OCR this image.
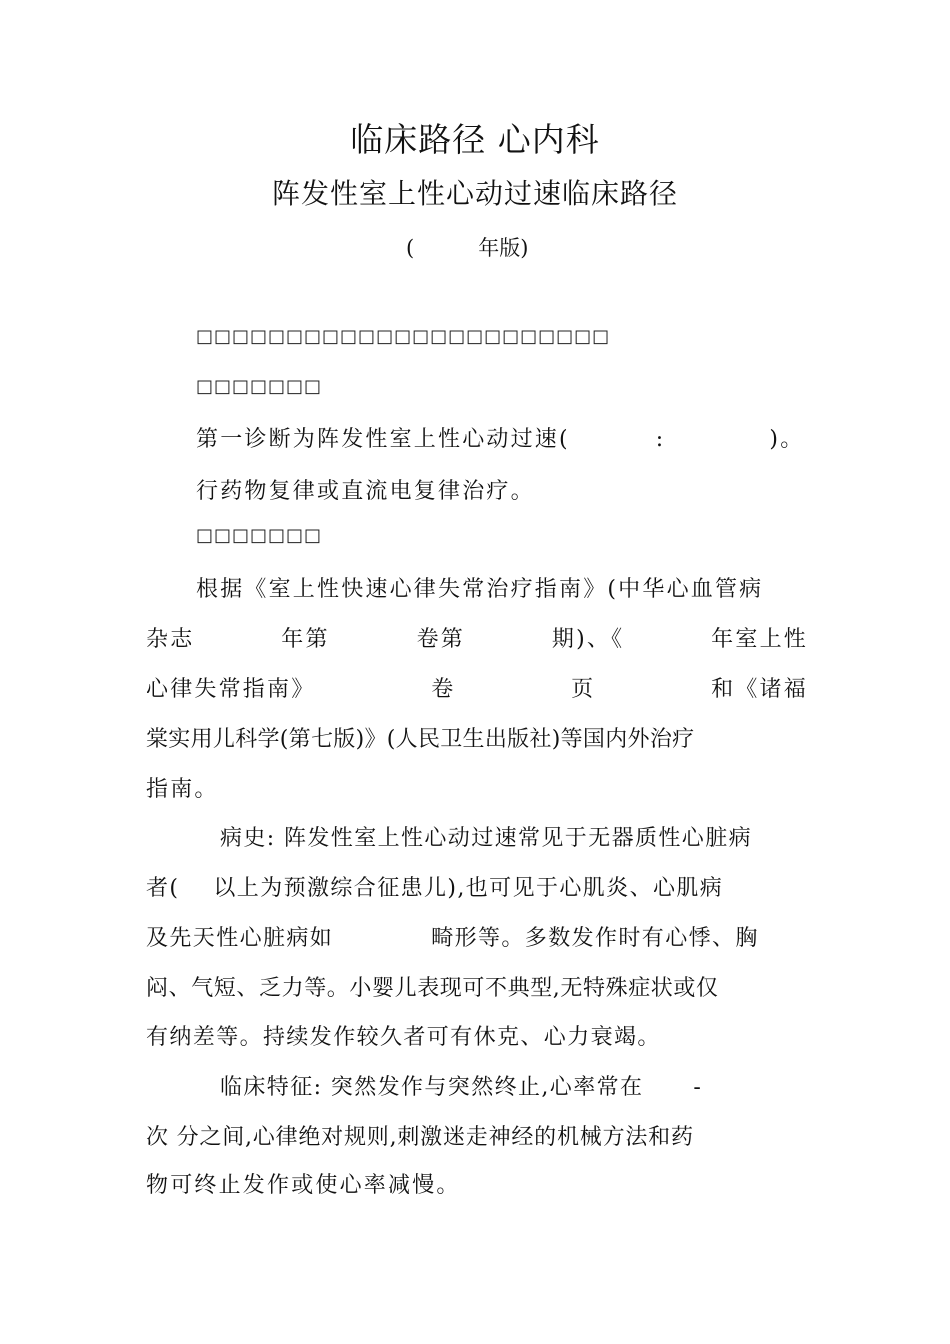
临床路径 心内科
阵发性室上性心动过速临床路径
(	年版)
□□□□□□□□□□□□□□□□□□□□□□□
□□□□□□□
第一诊断为阵发性室上性心动过速(	:	)。
行药物复律或直流电复律治疗。
□□□□□□□
根据《室上性快速心律失常治疗指南》(中华心血管病
杂志	年第	卷第	期)、《	年室上性
心律失常指南》	卷	页	和《诸福
棠实用儿科学(第七版)》(人民卫生出版社)等国内外治疗
指南。
病史: 阵发性室上性心动过速常见于无器质性心脏病
者( 以上为预激综合征患儿),也可见于心肌炎、心肌病
及先天性心脏病如	畸形等。多数发作时有心悸、胸
闷、气短、乏力等。小婴儿表现可不典型,无特殊症状或仅
有纳差等。持续发作较久者可有休克、心力衰竭。
临床特征: 突然发作与突然终止,心率常在 -
次 分之间,心律绝对规则,刺激迷走神经的机械方法和药
物可终止发作或使心率减慢。
